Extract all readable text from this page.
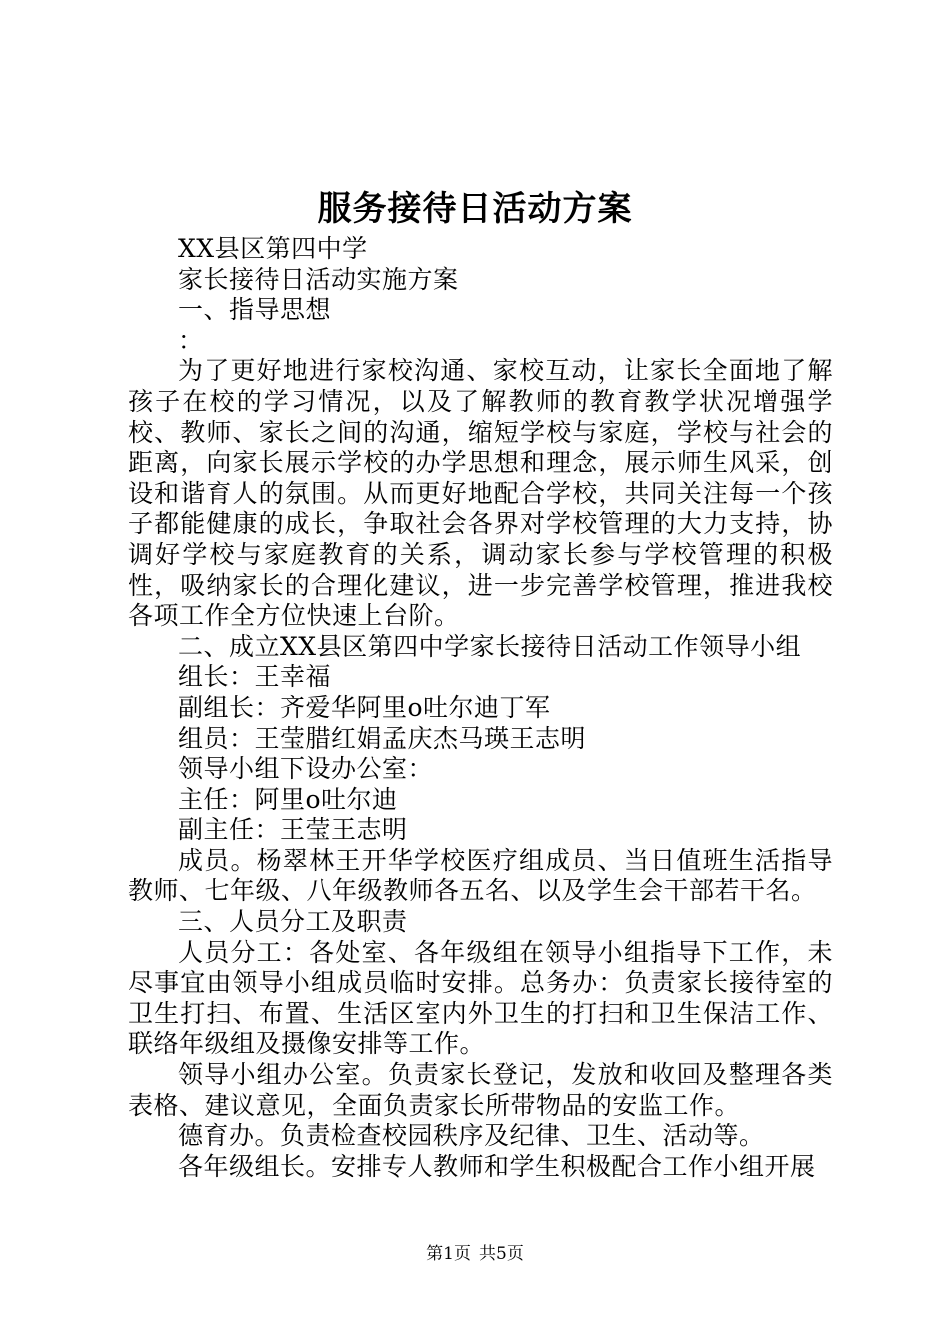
服务接待日活动方案

XX县区第四中学

家长接待日活动实施方案

一、指导思想

：

为了更好地进行家校沟通、家校互动，让家长全面地了解孩子在校的学习情况，以及了解教师的教育教学状况增强学校、教师、家长之间的沟通，缩短学校与家庭，学校与社会的距离，向家长展示学校的办学思想和理念，展示师生风采，创设和谐育人的氛围。从而更好地配合学校，共同关注每一个孩子都能健康的成长，争取社会各界对学校管理的大力支持，协调好学校与家庭教育的关系，调动家长参与学校管理的积极性，吸纳家长的合理化建议，进一步完善学校管理，推进我校各项工作全方位快速上台阶。

二、成立XX县区第四中学家长接待日活动工作领导小组

组长：王幸福

副组长：齐爱华阿里o吐尔迪丁军

组员：王莹腊红娟孟庆杰马瑛王志明

领导小组下设办公室：

主任：阿里o吐尔迪

副主任：王莹王志明

成员。杨翠林王开华学校医疗组成员、当日值班生活指导教师、七年级、八年级教师各五名、以及学生会干部若干名。

三、人员分工及职责

人员分工：各处室、各年级组在领导小组指导下工作，未尽事宜由领导小组成员临时安排。总务办：负责家长接待室的卫生打扫、布置、生活区室内外卫生的打扫和卫生保洁工作、联络年级组及摄像安排等工作。

领导小组办公室。负责家长登记，发放和收回及整理各类表格、建议意见，全面负责家长所带物品的安监工作。

德育办。负责检查校园秩序及纪律、卫生、活动等。

各年级组长。安排专人教师和学生积极配合工作小组开展

第1页 共5页
